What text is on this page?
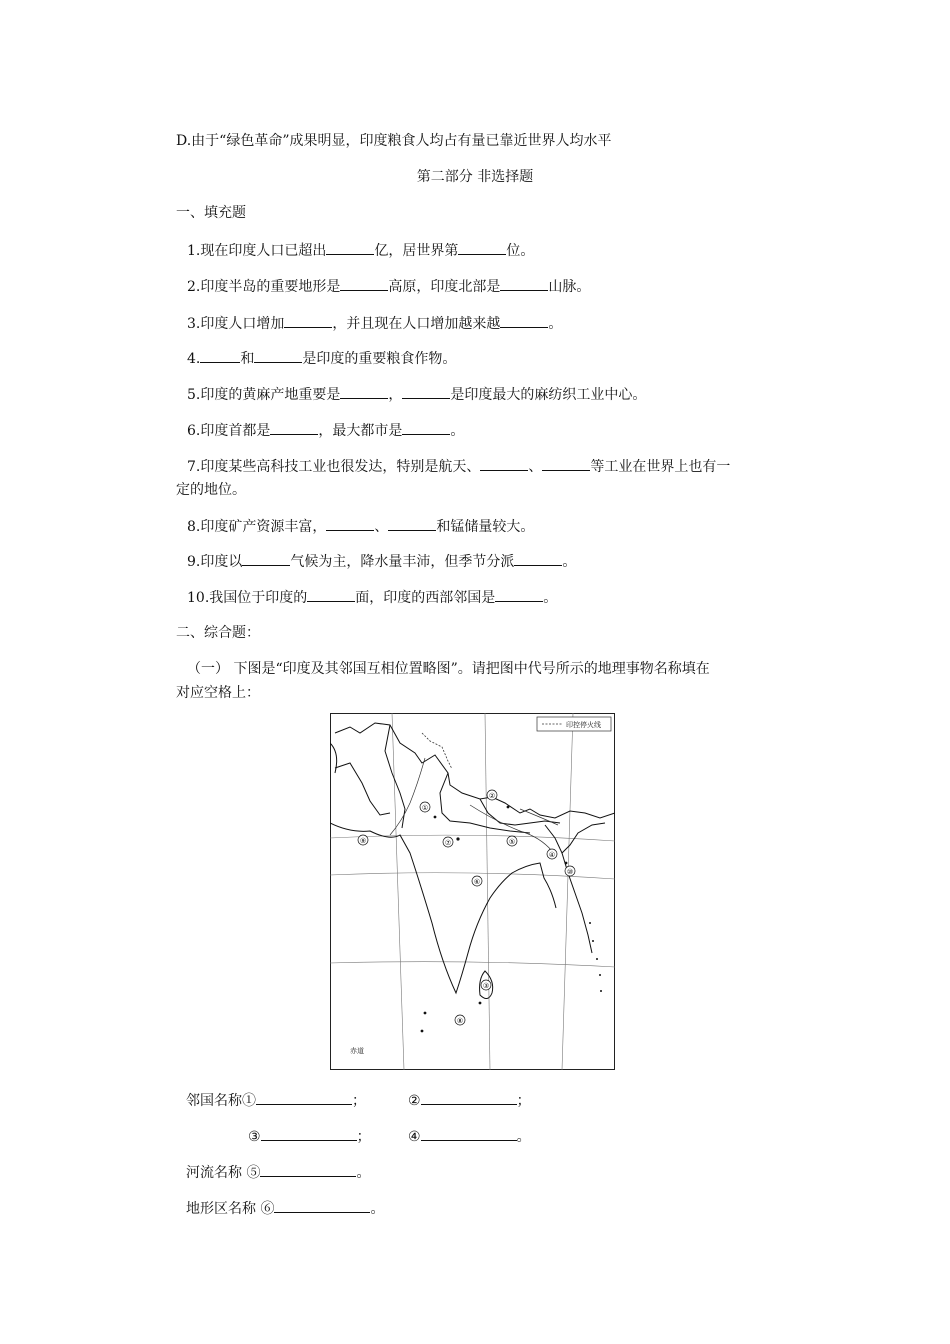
D.由于“绿色革命”成果明显，印度粮食人均占有量已靠近世界人均水平
第二部分 非选择题
一、填充题
1.现在印度人口已超出	亿，居世界第	位。
2.印度半岛的重要地形是	高原，印度北部是	山脉。
3.印度人口增加	，并且现在人口增加越来越	。
4.	和	是印度的重要粮食作物。
5.印度的黄麻产地重要是	，	是印度最大的麻纺织工业中心。
6.印度首都是	，最大都市是	。
7.印度某些高科技工业也很发达，特别是航天、	、	等工业在世界上也有一
定的地位。
8.印度矿产资源丰富，	、	和锰储量较大。
9.印度以	气候为主，降水量丰沛，但季节分派	。
10.我国位于印度的	面，印度的西部邻国是	。
二、综合题：
（一） 下图是“印度及其邻国互相位置略图”。请把图中代号所示的地理事物名称填在
对应空格上：
印控停火线
①
②
③
④
⑤
⑥
⑦
⑧
⑨
⑩
赤道
邻国名称①	；	②	；
③	；	④	。
河流名称 ⑤	。
地形区名称 ⑥	。
